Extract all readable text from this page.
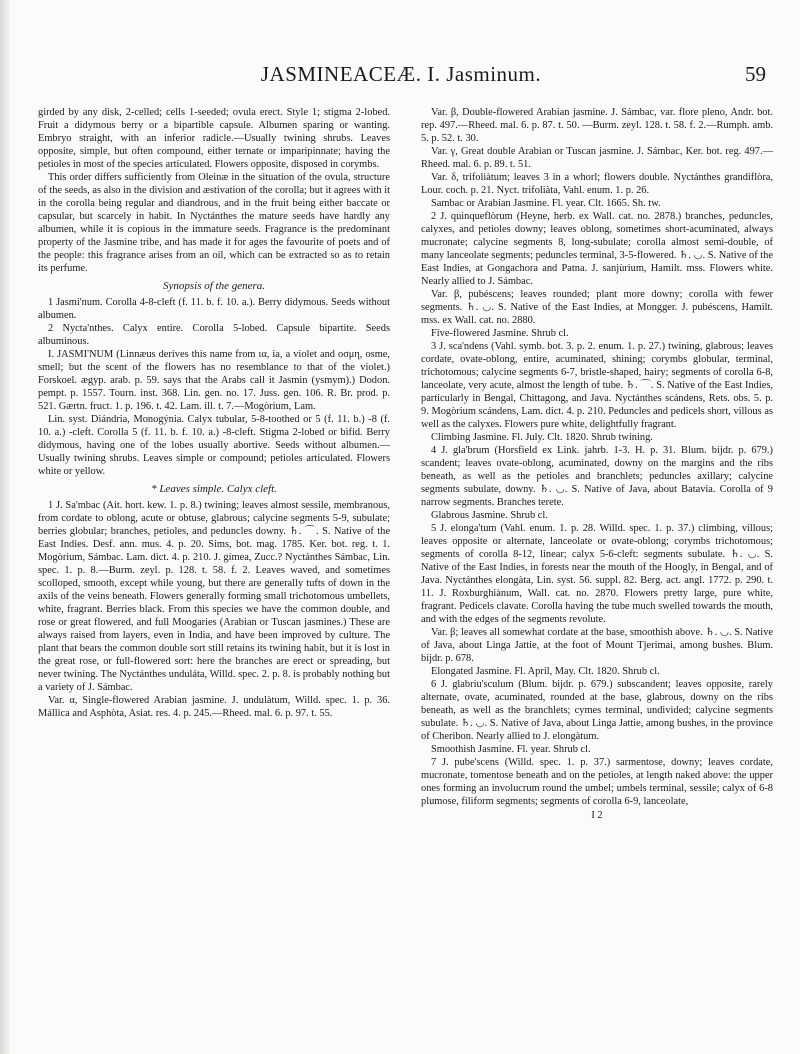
JASMINEACEÆ. I. Jasminum.	59

girded by any disk, 2-celled; cells 1-seeded; ovula erect. Style 1; stigma 2-lobed. Fruit a didymous berry or a bipartible capsule. Albumen sparing or wanting. Embryo straight, with an inferior radicle.—Usually twining shrubs. Leaves opposite, simple, but often compound, either ternate or imparipinnate; having the petioles in most of the species articulated. Flowers opposite, disposed in corymbs.

This order differs sufficiently from Oleinæ in the situation of the ovula, structure of the seeds, as also in the division and æstivation of the corolla; but it agrees with it in the corolla being regular and diandrous, and in the fruit being either baccate or capsular, but scarcely in habit. In Nyctánthes the mature seeds have hardly any albumen, while it is copious in the immature seeds. Fragrance is the predominant property of the Jasmine tribe, and has made it for ages the favourite of poets and of the people: this fragrance arises from an oil, which can be extracted so as to retain its perfume.

Synopsis of the genera.

1 Jasmi'num. Corolla 4-8-cleft (f. 11. b. f. 10. a.). Berry didymous. Seeds without albumen.

2 Nycta'nthes. Calyx entire. Corolla 5-lobed. Capsule bipartite. Seeds albuminous.

I. JASMI'NUM (Linnæus derives this name from ια, ia, a violet and οσμη, osme, smell; but the scent of the flowers has no resemblance to that of the violet.) Forskoel. ægyp. arab. p. 59. says that the Arabs call it Jasmin (ysmym).) Dodon. pempt. p. 1557. Tourn. inst. 368. Lin. gen. no. 17. Juss. gen. 106. R. Br. prod. p. 521. Gærtn. fruct. 1. p. 196. t. 42. Lam. ill. t. 7.—Mogòrium, Lam.

Lin. syst. Diándria, Monogýnia. Calyx tubular, 5-8-toothed or 5 (f. 11. b.) -8 (f. 10. a.) -cleft. Corolla 5 (f. 11. b. f. 10. a.) -8-cleft. Stigma 2-lobed or bifid. Berry didymous, having one of the lobes usually abortive. Seeds without albumen.—Usually twining shrubs. Leaves simple or compound; petioles articulated. Flowers white or yellow.

* Leaves simple. Calyx cleft.

1 J. Sa'mbac (Ait. hort. kew. 1. p. 8.) twining; leaves almost sessile, membranous, from cordate to oblong, acute or obtuse, glabrous; calycine segments 5-9, subulate; berries globular; branches, petioles, and peduncles downy. ♄. ⌒. S. Native of the East Indies. Desf. ann. mus. 4. p. 20. Sims, bot. mag. 1785. Ker. bot. reg. t. 1. Mogòrium, Sámbac. Lam. dict. 4. p. 210. J. gímea, Zucc.? Nyctánthes Sámbac, Lin. spec. 1. p. 8.—Burm. zeyl. p. 128. t. 58. f. 2. Leaves waved, and sometimes scolloped, smooth, except while young, but there are generally tufts of down in the axils of the veins beneath. Flowers generally forming small trichotomous umbellets, white, fragrant. Berries black. From this species we have the common double, and rose or great flowered, and full Moogaries (Arabian or Tuscan jasmines.) These are always raised from layers, even in India, and have been improved by culture. The plant that bears the common double sort still retains its twining habit, but it is lost in the great rose, or full-flowered sort: here the branches are erect or spreading, but never twining. The Nyctánthes unduláta, Willd. spec. 2. p. 8. is probably nothing but a variety of J. Sámbac.

Var. α, Single-flowered Arabian jasmine. J. undulàtum, Willd. spec. 1. p. 36. Mállica and Asphòta, Asiat. res. 4. p. 245.—Rheed. mal. 6. p. 97. t. 55.

Var. β, Double-flowered Arabian jasmine. J. Sámbac, var. flore pleno, Andr. bot. rep. 497.—Rheed. mal. 6. p. 87. t. 50. —Burm. zeyl. 128. t. 58. f. 2.—Rumph. amb. 5. p. 52. t. 30.

Var. γ, Great double Arabian or Tuscan jasmine. J. Sámbac, Ker. bot. reg. 497.—Rheed. mal. 6. p. 89. t. 51.

Var. δ, trifoliàtum; leaves 3 in a whorl; flowers double. Nyctánthes grandiflòra, Lour. coch. p. 21. Nyct. trifoliàta, Vahl. enum. 1. p. 26.

Sambac or Arabian Jasmine. Fl. year. Clt. 1665. Sh. tw.

2 J. quinqueflòrum (Heyne, herb. ex Wall. cat. no. 2878.) branches, peduncles, calyxes, and petioles downy; leaves oblong, sometimes short-acuminated, always mucronate; calycine segments 8, long-subulate; corolla almost semi-double, of many lanceolate segments; peduncles terminal, 3-5-flowered. ♄. ◡. S. Native of the East Indies, at Gongachora and Patna. J. sanjùrium, Hamilt. mss. Flowers white. Nearly allied to J. Sámbac.

Var. β, pubéscens; leaves rounded; plant more downy; corolla with fewer segments. ♄. ◡. S. Native of the East Indies, at Mongger. J. pubéscens, Hamilt. mss. ex Wall. cat. no. 2880.

Five-flowered Jasmine. Shrub cl.

3 J. sca'ndens (Vahl. symb. bot. 3. p. 2. enum. 1. p. 27.) twining, glabrous; leaves cordate, ovate-oblong, entire, acuminated, shining; corymbs globular, terminal, trichotomous; calycine segments 6-7, bristle-shaped, hairy; segments of corolla 6-8, lanceolate, very acute, almost the length of tube. ♄. ⌒. S. Native of the East Indies, particularly in Bengal, Chittagong, and Java. Nyctánthes scándens, Rets. obs. 5. p. 9. Mogòrium scándens, Lam. dict. 4. p. 210. Peduncles and pedicels short, villous as well as the calyxes. Flowers pure white, delightfully fragrant.

Climbing Jasmine. Fl. July. Clt. 1820. Shrub twining.

4 J. gla'brum (Horsfield ex Link. jahrb. 1-3. H. p. 31. Blum. bijdr. p. 679.) scandent; leaves ovate-oblong, acuminated, downy on the margins and the ribs beneath, as well as the petioles and branchlets; peduncles axillary; calycine segments subulate, downy. ♄. ◡. S. Native of Java, about Batavia. Corolla of 9 narrow segments. Branches terete.

Glabrous Jasmine. Shrub cl.

5 J. elonga'tum (Vahl. enum. 1. p. 28. Willd. spec. 1. p. 37.) climbing, villous; leaves opposite or alternate, lanceolate or ovate-oblong; corymbs trichotomous; segments of corolla 8-12, linear; calyx 5-6-cleft: segments subulate. ♄. ◡. S. Native of the East Indies, in forests near the mouth of the Hoogly, in Bengal, and of Java. Nyctánthes elongàta, Lin. syst. 56. suppl. 82. Berg. act. angl. 1772. p. 290. t. 11. J. Roxburghiànum, Wall. cat. no. 2870. Flowers pretty large, pure white, fragrant. Pedicels clavate. Corolla having the tube much swelled towards the mouth, and with the edges of the segments revolute.

Var. β; leaves all somewhat cordate at the base, smoothish above. ♄. ◡. S. Native of Java, about Linga Jattie, at the foot of Mount Tjerimai, among bushes. Blum. bijdr. p. 678.

Elongated Jasmine. Fl. April, May. Clt. 1820. Shrub cl.

6 J. glabriu'sculum (Blum. bijdr. p. 679.) subscandent; leaves opposite, rarely alternate, ovate, acuminated, rounded at the base, glabrous, downy on the ribs beneath, as well as the branchlets; cymes terminal, undivided; calycine segments subulate. ♄. ◡. S. Native of Java, about Linga Jattie, among bushes, in the province of Cheribon. Nearly allied to J. elongàtum.

Smoothish Jasmine. Fl. year. Shrub cl.

7 J. pube'scens (Willd. spec. 1. p. 37.) sarmentose, downy; leaves cordate, mucronate, tomentose beneath and on the petioles, at length naked above: the upper ones forming an involucrum round the umbel; umbels terminal, sessile; calyx of 6-8 plumose, filiform segments; segments of corolla 6-9, lanceolate,

I 2
